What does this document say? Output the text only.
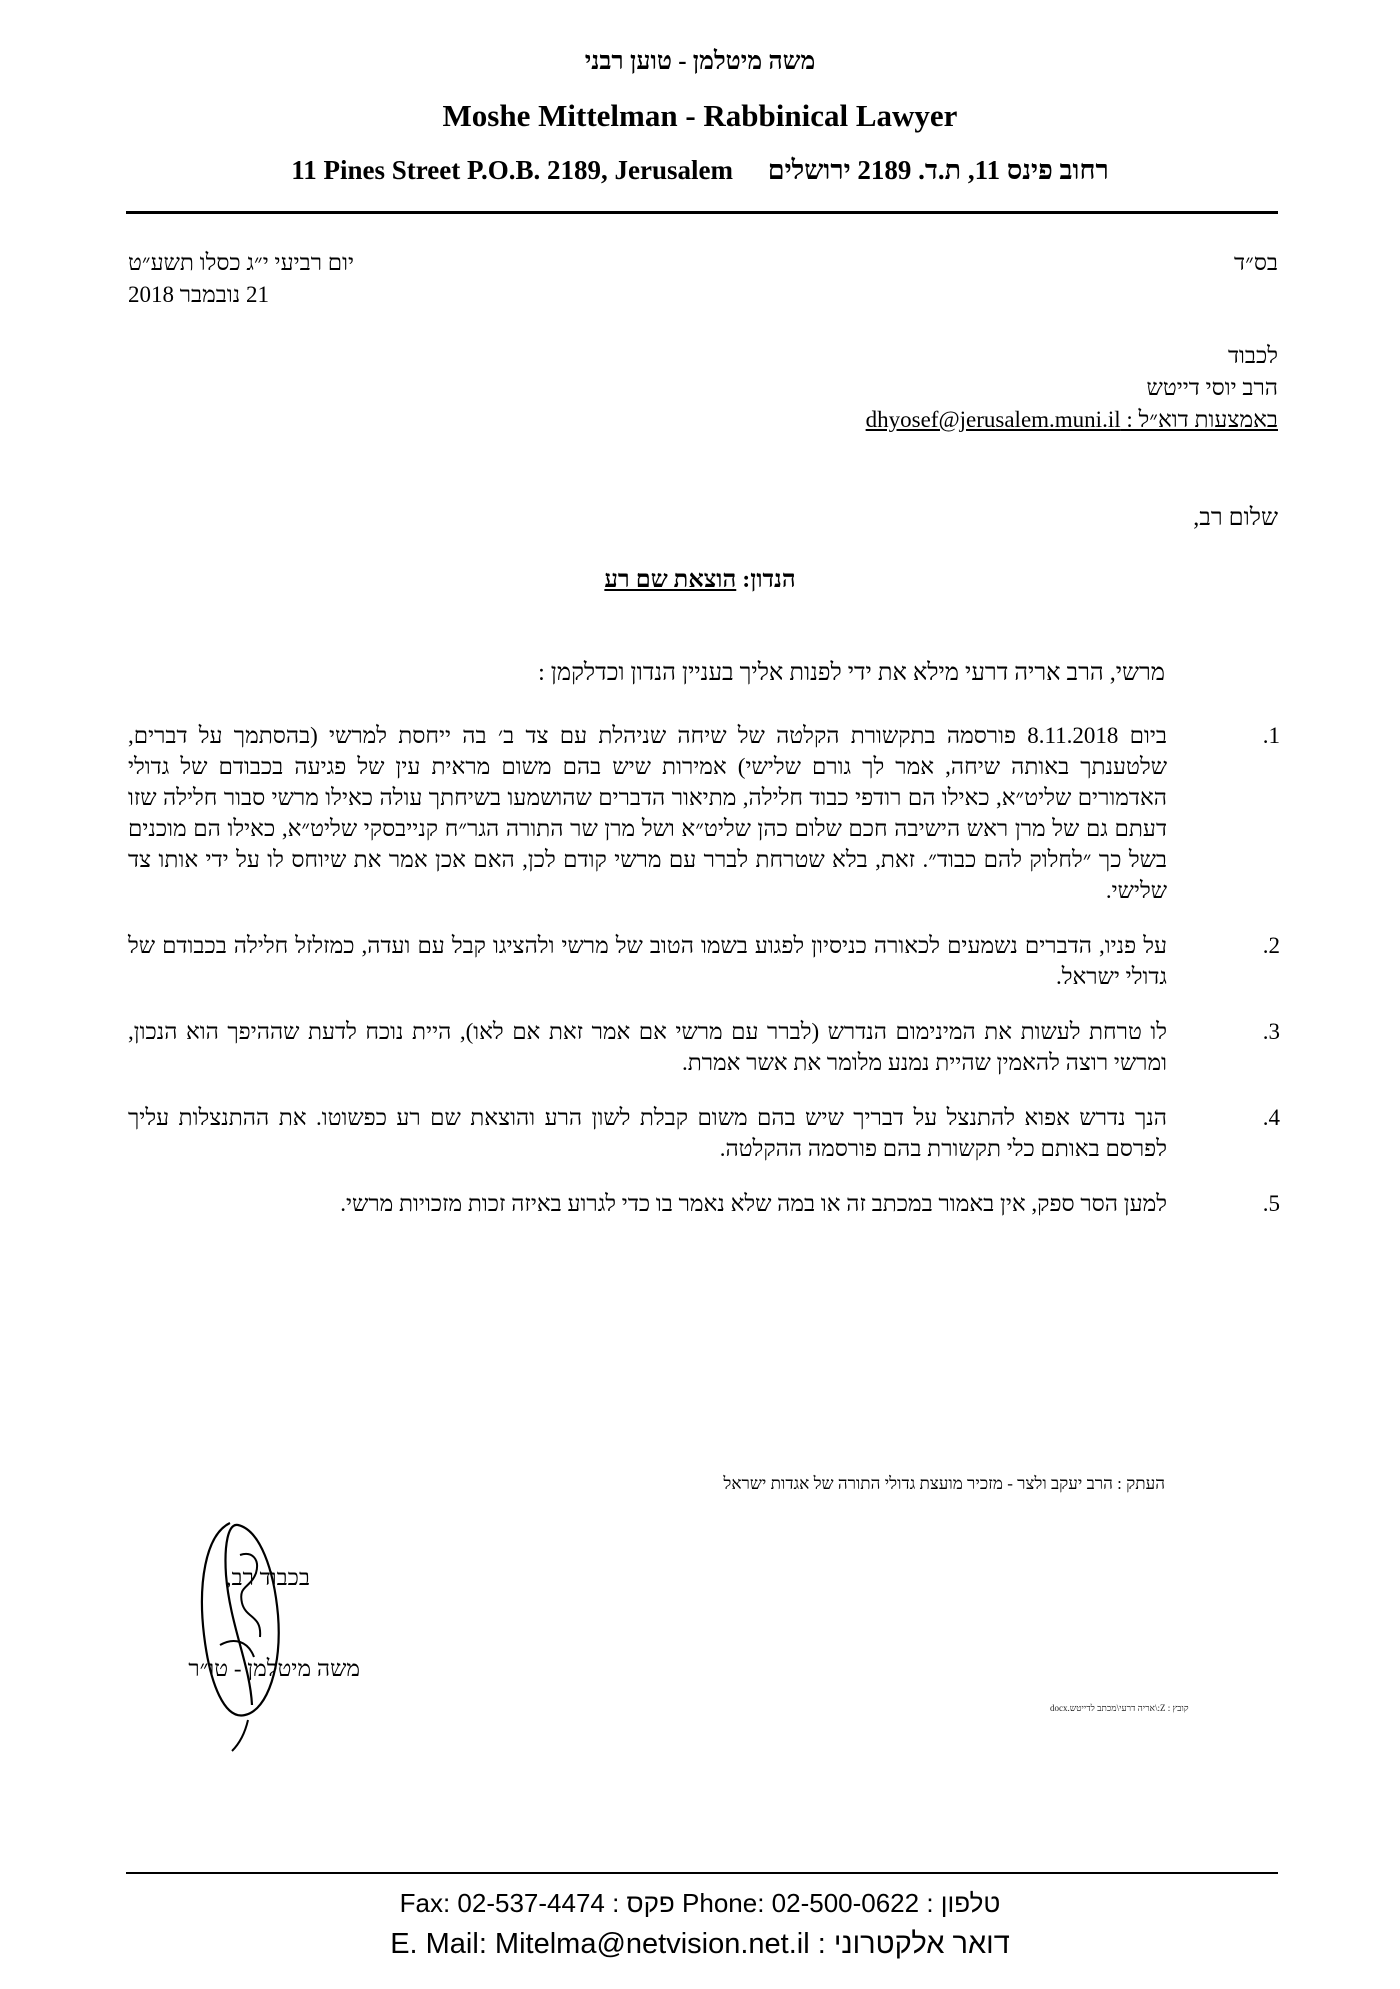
משה מיטלמן - טוען רבני
Moshe Mittelman - Rabbinical Lawyer
11 Pines Street P.O.B. 2189, Jerusalem רחוב פינס 11, ת.ד. 2189 ירושלים
בס״ד
יום רביעי י״ג כסלו תשע״ט
21 נובמבר 2018
לכבוד
הרב יוסי דייטש
באמצעות דוא״ל : dhyosef@jerusalem.muni.il
שלום רב,
הנדון: הוצאת שם רע
מרשי, הרב אריה דרעי מילא את ידי לפנות אליך בעניין הנדון וכדלקמן :
1.
ביום 8.11.2018 פורסמה בתקשורת הקלטה של שיחה שניהלת עם צד ב׳ בה ייחסת למרשי (בהסתמך על דברים, שלטענתך באותה שיחה, אמר לך גורם שלישי) אמירות שיש בהם משום מראית עין של פגיעה בכבודם של גדולי האדמורים שליט״א, כאילו הם רודפי כבוד חלילה, מתיאור הדברים שהושמעו בשיחתך עולה כאילו מרשי סבור חלילה שזו דעתם גם של מרן ראש הישיבה חכם שלום כהן שליט״א ושל מרן שר התורה הגר״ח קנייבסקי שליט״א, כאילו הם מוכנים בשל כך ״לחלוק להם כבוד״. זאת, בלא שטרחת לברר עם מרשי קודם לכן, האם אכן אמר את שיוחס לו על ידי אותו צד שלישי.
2.
על פניו, הדברים נשמעים לכאורה כניסיון לפגוע בשמו הטוב של מרשי ולהציגו קבל עם ועדה, כמזלזל חלילה בכבודם של גדולי ישראל.
3.
לו טרחת לעשות את המינימום הנדרש (לברר עם מרשי אם אמר זאת אם לאו), היית נוכח לדעת שההיפך הוא הנכון, ומרשי רוצה להאמין שהיית נמנע מלומר את אשר אמרת.
4.
הנך נדרש אפוא להתנצל על דבריך שיש בהם משום קבלת לשון הרע והוצאת שם רע כפשוטו. את ההתנצלות עליך לפרסם באותם כלי תקשורת בהם פורסמה ההקלטה.
5.
למען הסר ספק, אין באמור במכתב זה או במה שלא נאמר בו כדי לגרוע באיזה זכות מזכויות מרשי.
העתק : הרב יעקב ולצר - מזכיר מועצת גדולי התורה של אגדות ישראל
בכבוד רב,
משה מיטלמן - טו״ר
קובץ : Z:\אריה דרעי\מכתב לדייטש.docx
Fax: 02-537-4474 : פקס Phone: 02-500-0622 : טלפון
E. Mail: Mitelma@netvision.net.il : דואר אלקטרוני
